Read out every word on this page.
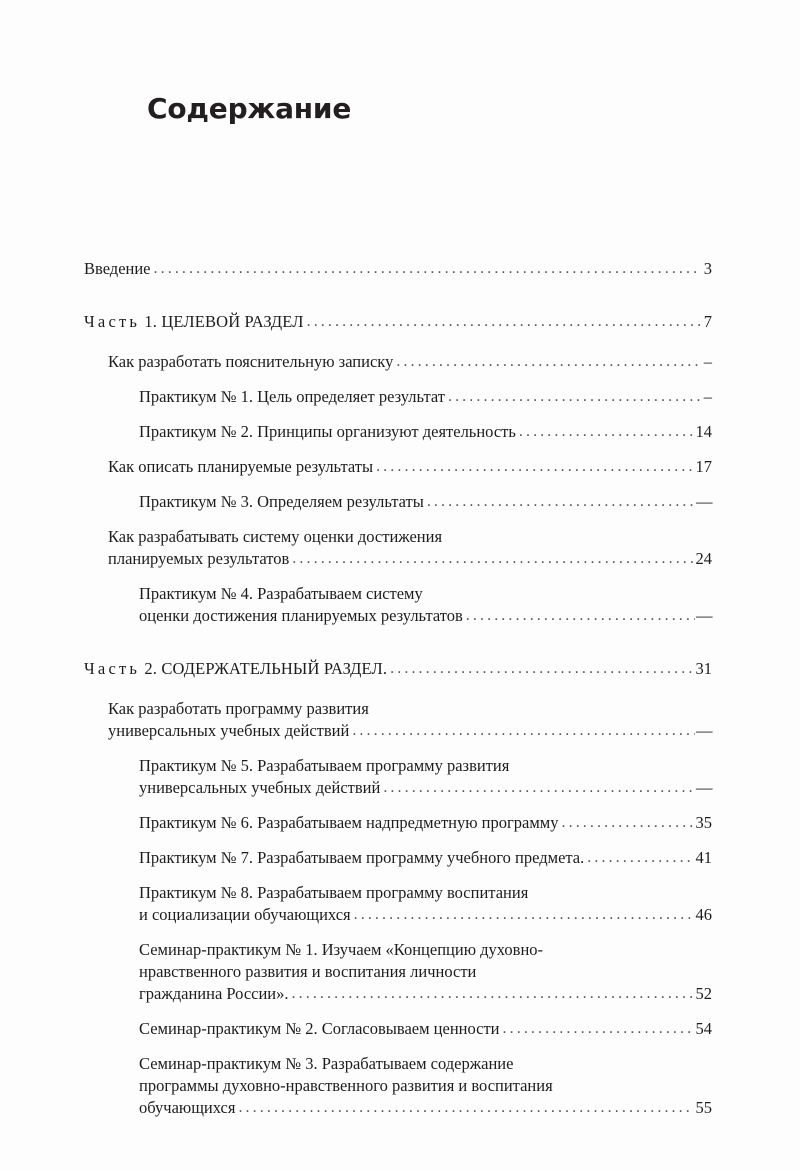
Содержание
Введение .....	3
Часть 1. ЦЕЛЕВОЙ РАЗДЕЛ .....	7
Как разработать пояснительную записку .....	–
Практикум № 1. Цель определяет результат .....	–
Практикум № 2. Принципы организуют деятельность .....	14
Как описать планируемые результаты .....	17
Практикум № 3. Определяем результаты .....	—
Как разрабатывать систему оценки достижения
планируемых результатов .....	24
Практикум № 4. Разрабатываем систему
оценки достижения планируемых результатов .....	—
Часть 2. СОДЕРЖАТЕЛЬНЫЙ РАЗДЕЛ. .....	31
Как разработать программу развития
универсальных учебных действий .....	—
Практикум № 5. Разрабатываем программу развития
универсальных учебных действий .....	—
Практикум № 6. Разрабатываем надпредметную программу .....	35
Практикум № 7. Разрабатываем программу учебного предмета. .....	41
Практикум № 8. Разрабатываем программу воспитания
и социализации обучающихся .....	46
Семинар-практикум № 1. Изучаем «Концепцию духовно-
нравственного развития и воспитания личности
гражданина России». .....	52
Семинар-практикум № 2. Согласовываем ценности .....	54
Семинар-практикум № 3. Разрабатываем содержание
программы духовно-нравственного развития и воспитания
обучающихся .....	55
